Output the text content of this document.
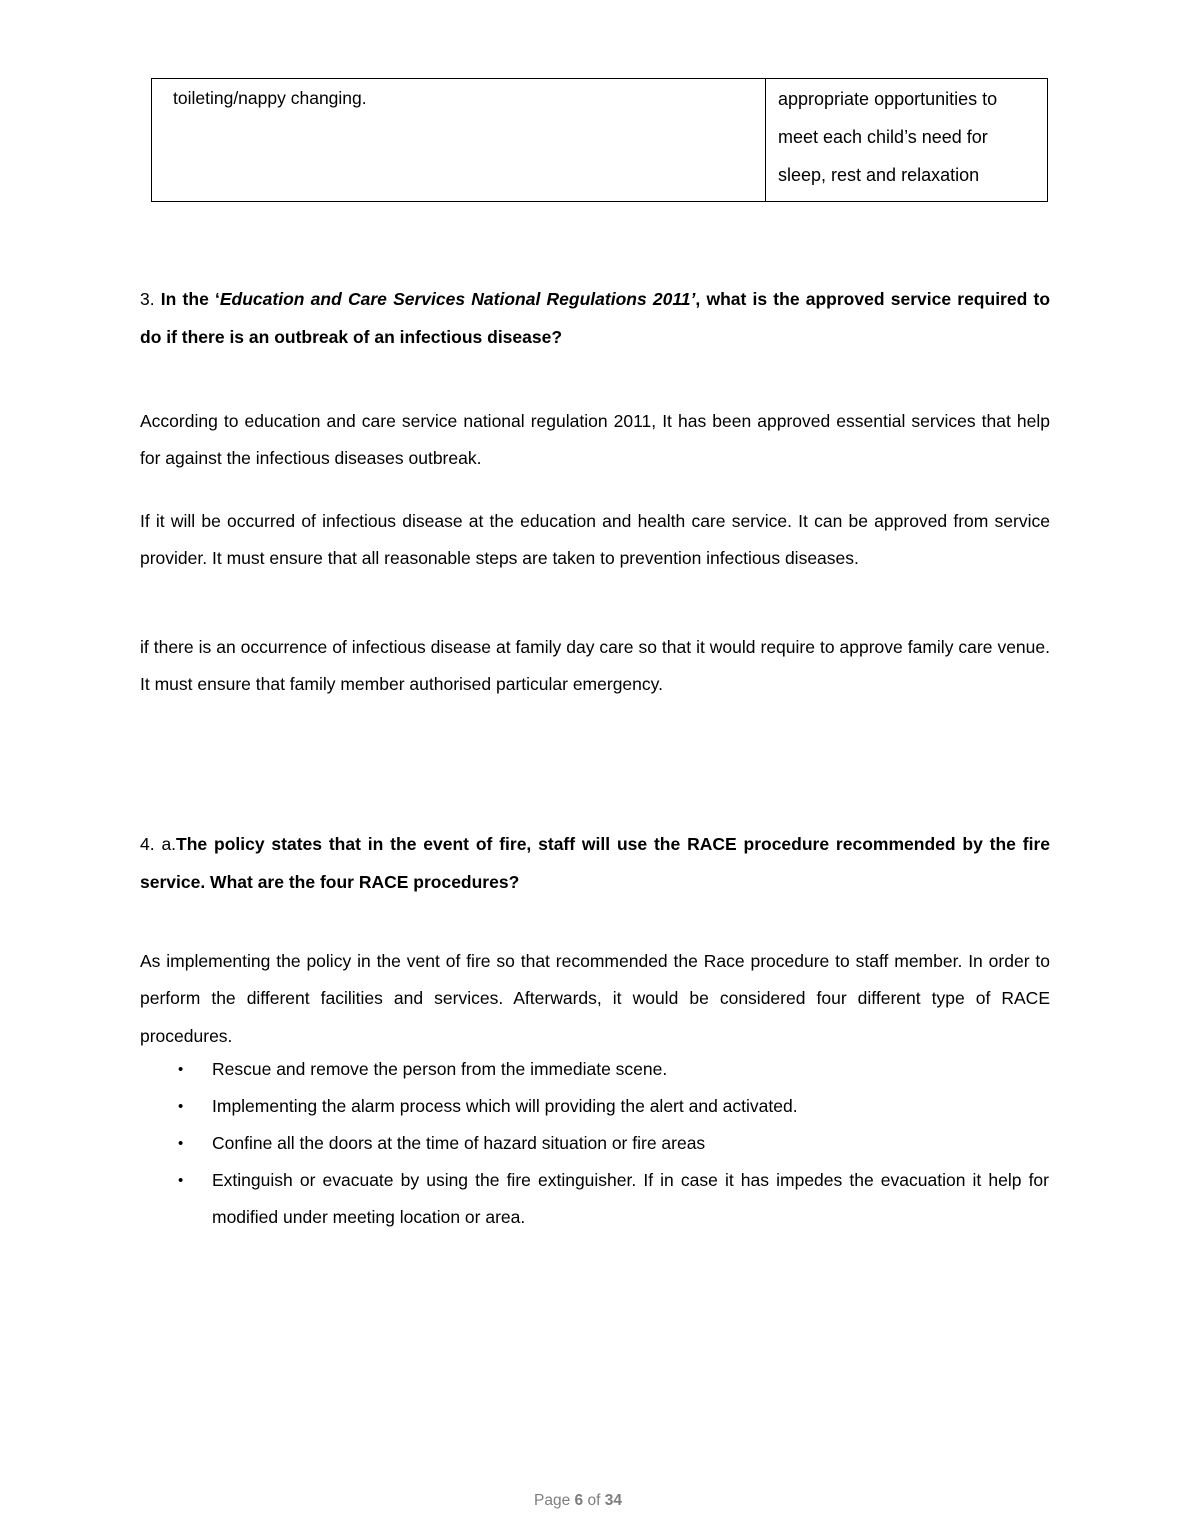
toileting/nappy changing.	appropriate opportunities to meet each child’s need for sleep, rest and relaxation
3. In the ‘Education and Care Services National Regulations 2011’, what is the approved service required to do if there is an outbreak of an infectious disease?

According to education and care service national regulation 2011, It has been approved essential services that help for against the infectious diseases outbreak.

If it will be occurred of infectious disease at the education and health care service. It can be approved from service provider. It must ensure that all reasonable steps are taken to prevention infectious diseases.

if there is an occurrence of infectious disease at family day care so that it would require to approve family care venue. It must ensure that family member authorised particular emergency.

4. a.The policy states that in the event of fire, staff will use the RACE procedure recommended by the fire service. What are the four RACE procedures?

As implementing the policy in the vent of fire so that recommended the Race procedure to staff member. In order to perform the different facilities and services. Afterwards, it would be considered four different type of RACE procedures.

•	Rescue and remove the person from the immediate scene.
•	Implementing the alarm process which will providing the alert and activated.
•	Confine all the doors at the time of hazard situation or fire areas
•	Extinguish or evacuate by using the fire extinguisher. If in case it has impedes the evacuation it help for modified under meeting location or area.
Page 6 of 34
